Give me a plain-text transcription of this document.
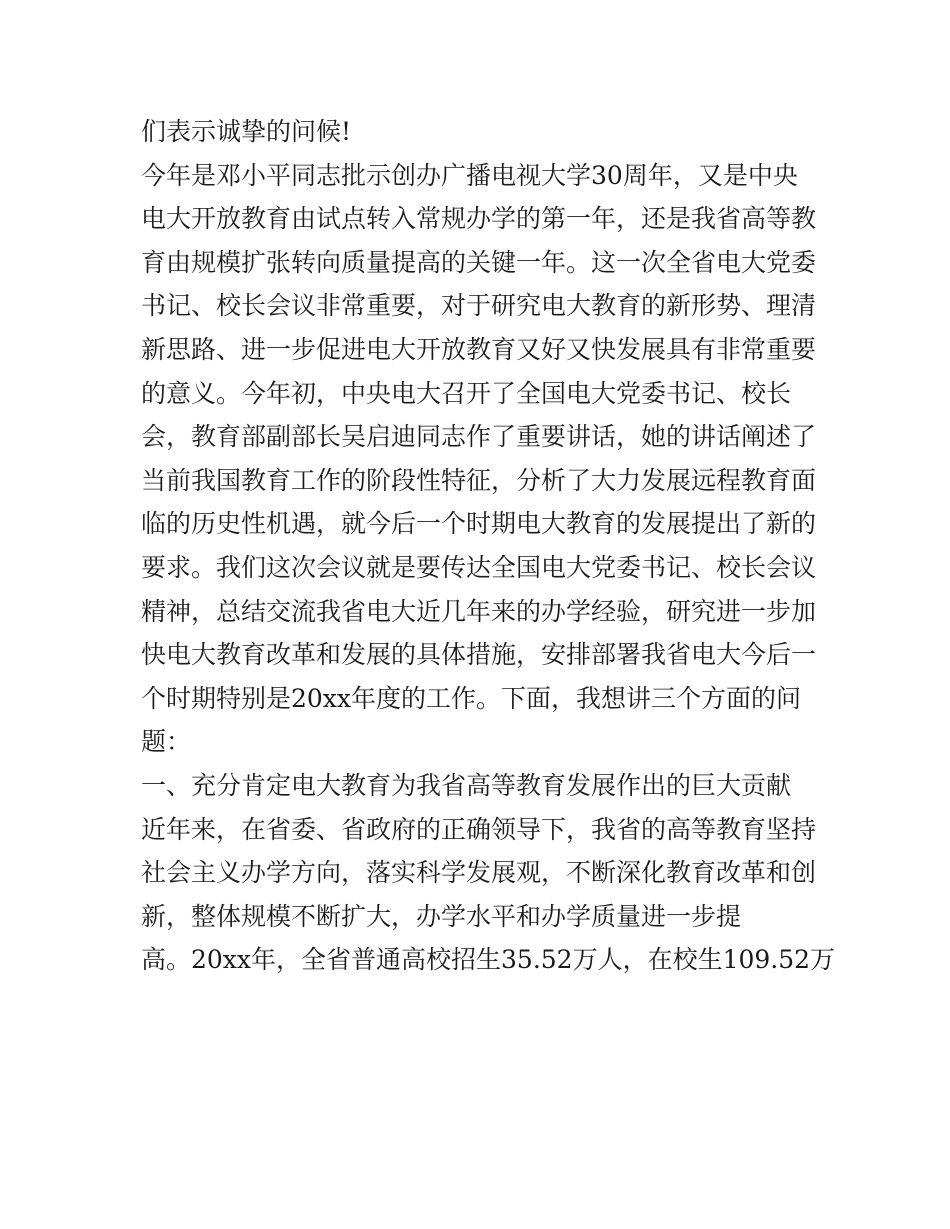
们表示诚挚的问候!
今年是邓小平同志批示创办广播电视大学30周年，又是中央
电大开放教育由试点转入常规办学的第一年，还是我省高等教
育由规模扩张转向质量提高的关键一年。这一次全省电大党委
书记、校长会议非常重要，对于研究电大教育的新形势、理清
新思路、进一步促进电大开放教育又好又快发展具有非常重要
的意义。今年初，中央电大召开了全国电大党委书记、校长
会，教育部副部长吴启迪同志作了重要讲话，她的讲话阐述了
当前我国教育工作的阶段性特征，分析了大力发展远程教育面
临的历史性机遇，就今后一个时期电大教育的发展提出了新的
要求。我们这次会议就是要传达全国电大党委书记、校长会议
精神，总结交流我省电大近几年来的办学经验，研究进一步加
快电大教育改革和发展的具体措施，安排部署我省电大今后一
个时期特别是20xx年度的工作。下面，我想讲三个方面的问
题：
一、充分肯定电大教育为我省高等教育发展作出的巨大贡献
近年来，在省委、省政府的正确领导下，我省的高等教育坚持
社会主义办学方向，落实科学发展观，不断深化教育改革和创
新，整体规模不断扩大，办学水平和办学质量进一步提
高。20xx年，全省普通高校招生35.52万人，在校生109.52万
